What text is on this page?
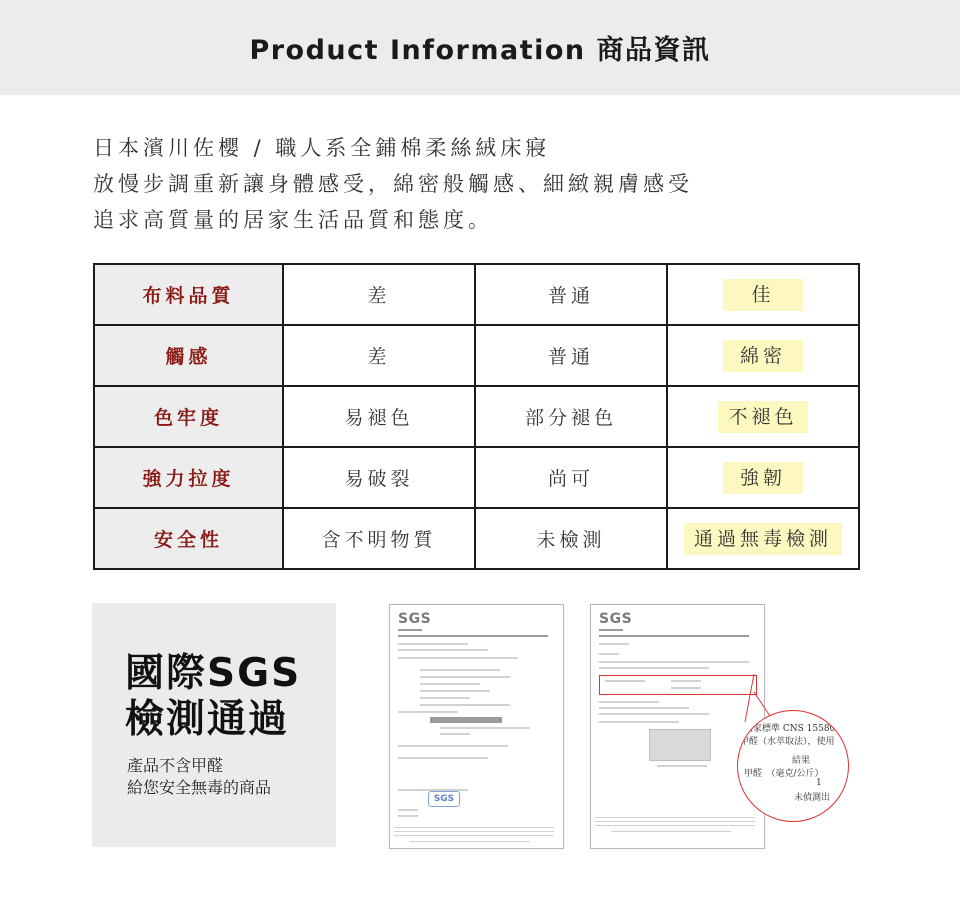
Product Information 商品資訊
日本濱川佐櫻 / 職人系全鋪棉柔絲絨床寢
放慢步調重新讓身體感受，綿密般觸感、細緻親膚感受
追求高質量的居家生活品質和態度。
布料品質	差	普通	佳
觸感	差	普通	綿密
色牢度	易褪色	部分褪色	不褪色
強力拉度	易破裂	尚可	強韌
安全性	含不明物質	未檢測	通過無毒檢測
國際SGS
檢測通過
產品不含甲醛
給您安全無毒的商品
SGS
SGS
SGS
國家標準 CNS 15580-
甲醛（水萃取法），使用
結果
甲醛　（毫克/公斤）
1
未偵測出
